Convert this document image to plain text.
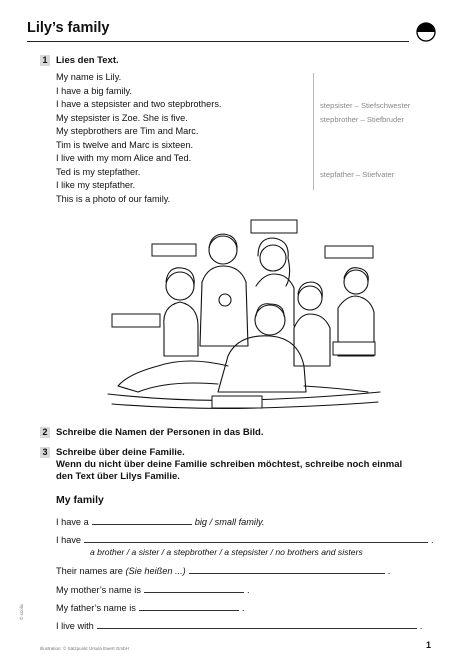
Lily’s family
1 Lies den Text.
My name is Lily.
I have a big family.
I have a stepsister and two stepbrothers.
My stepsister is Zoe. She is five.
My stepbrothers are Tim and Marc.
Tim is twelve and Marc is sixteen.
I live with my mom Alice and Ted.
Ted is my stepfather.
I like my stepfather.
This is a photo of our family.
stepsister – Stiefschwester
stepbrother – Stiefbruder
stepfather – Stiefvater
2 Schreibe die Namen der Personen in das Bild.
3 Schreibe über deine Familie.
Wenn du nicht über deine Familie schreiben möchtest, schreibe noch einmal
den Text über Lilys Familie.
My family
I have a	big / small family.
I have	.
a brother / a sister / a stepbrother / a stepsister / no brothers and sisters
Their names are (Sie heißen ...)	.
My mother’s name is	.
My father’s name is	.
I live with	.
Illustration: © Satzpunkt Ursula Ewert GmbH
© scolix
1
